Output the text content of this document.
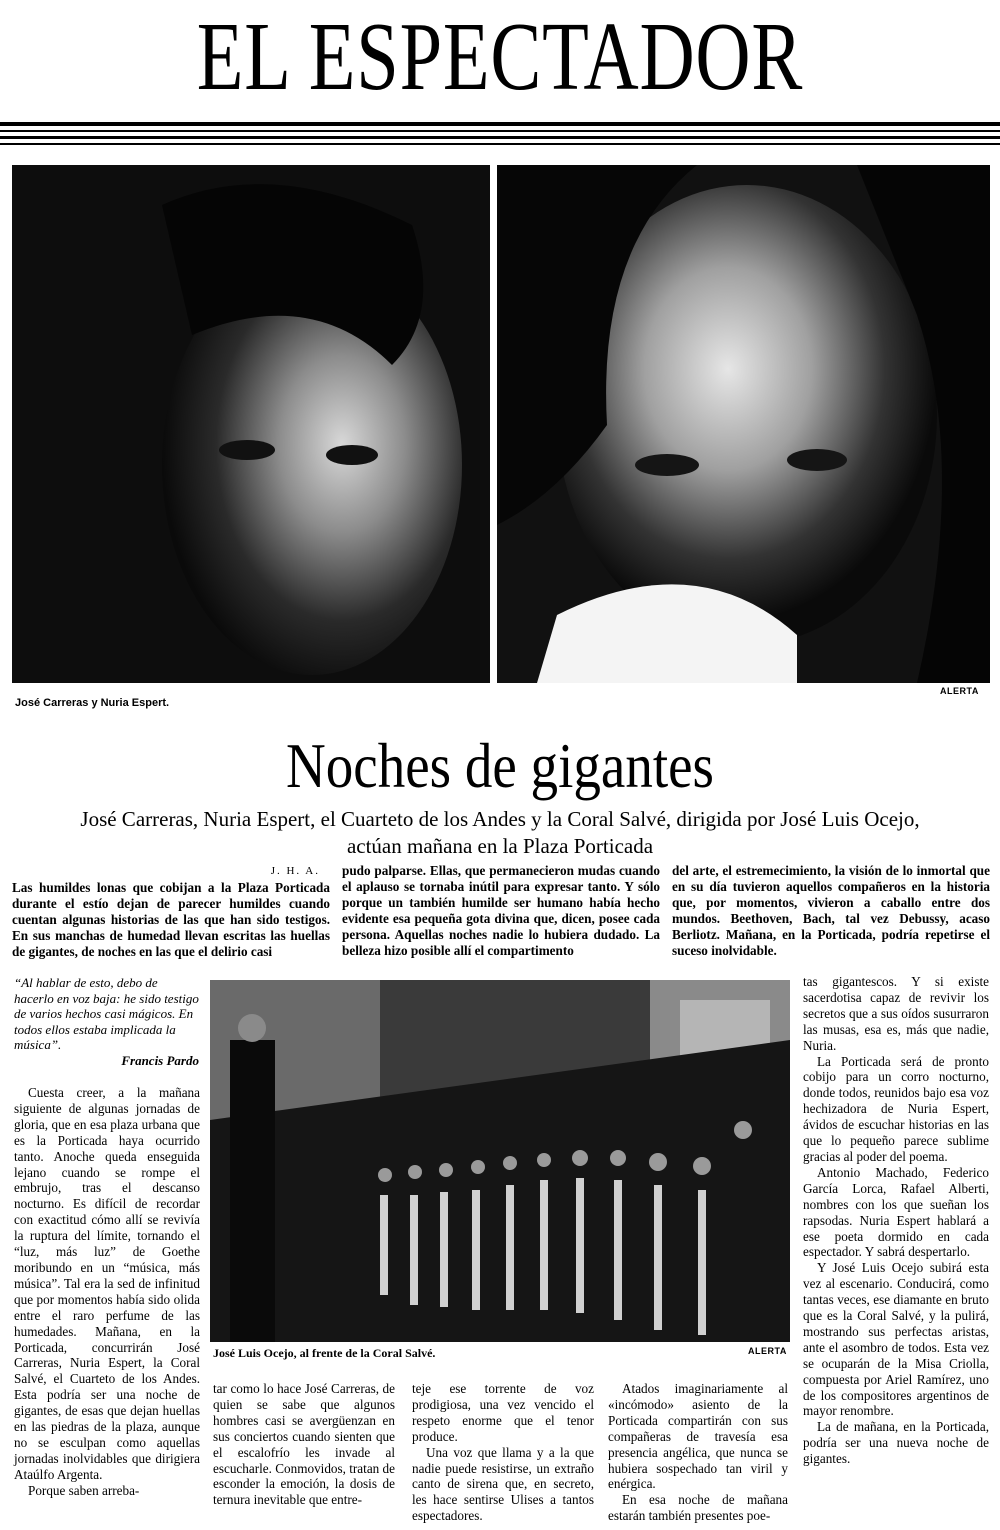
EL ESPECTADOR
José Carreras y Nuria Espert.
ALERTA
Noches de gigantes
José Carreras, Nuria Espert, el Cuarteto de los Andes y la Coral Salvé, dirigida por José Luis Ocejo, actúan mañana en la Plaza Porticada
J. H. A.
Las humildes lonas que cobijan a la Plaza Porticada durante el estío dejan de parecer humildes cuando cuentan algunas historias de las que han sido testigos. En sus manchas de humedad llevan escritas las huellas de gigantes, de noches en las que el delirio casi
pudo palparse. Ellas, que permanecieron mudas cuando el aplauso se tornaba inútil para expresar tanto. Y sólo porque un también humilde ser humano había hecho evidente esa pequeña gota divina que, dicen, posee cada persona. Aquellas noches nadie lo hubiera dudado. La belleza hizo posible allí el compartimento
del arte, el estremecimiento, la visión de lo inmortal que en su día tuvieron aquellos compañeros en la historia que, por momentos, vivieron a caballo entre dos mundos. Beethoven, Bach, tal vez Debussy, acaso Berliotz. Mañana, en la Porticada, podría repetirse el suceso inolvidable.
“Al hablar de esto, debo de hacerlo en voz baja: he sido testigo de varios hechos casi mágicos. En todos ellos estaba implicada la música”.
Francis Pardo
José Luis Ocejo, al frente de la Coral Salvé.	ALERTA

Cuesta creer, a la mañana siguiente de algunas jornadas de gloria, que en esa plaza urbana que es la Porticada haya ocurrido tanto. Anoche queda enseguida lejano cuando se rompe el embrujo, tras el descanso nocturno. Es difícil de recordar con exactitud cómo allí se revivía la ruptura del límite, tornando el “luz, más luz” de Goethe moribundo en un “música, más música”. Tal era la sed de infinitud que por momentos había sido olida entre el raro perfume de las humedades. Mañana, en la Porticada, concurrirán José Carreras, Nuria Espert, la Coral Salvé, el Cuarteto de los Andes. Esta podría ser una noche de gigantes, de esas que dejan huellas en las piedras de la plaza, aunque no se esculpan como aquellas jornadas inolvidables que dirigiera Ataúlfo Argenta.

Porque saben arreba-

tar como lo hace José Carreras, de quien se sabe que algunos hombres casi se avergüenzan en sus conciertos cuando sienten que el escalofrío les invade al escucharle. Conmovidos, tratan de esconder la emoción, la dosis de ternura inevitable que entre-

teje ese torrente de voz prodigiosa, una vez vencido el respeto enorme que el tenor produce.

Una voz que llama y a la que nadie puede resistirse, un extraño canto de sirena que, en secreto, les hace sentirse Ulises a tantos espectadores.

Atados imaginariamente al «incómodo» asiento de la Porticada compartirán con sus compañeras de travesía esa presencia angélica, que nunca se hubiera sospechado tan viril y enérgica.

En esa noche de mañana estarán también presentes poe-

tas gigantescos. Y si existe sacerdotisa capaz de revivir los secretos que a sus oídos susurraron las musas, esa es, más que nadie, Nuria.

La Porticada será de pronto cobijo para un corro nocturno, donde todos, reunidos bajo esa voz hechizadora de Nuria Espert, ávidos de escuchar historias en las que lo pequeño parece sublime gracias al poder del poema.

Antonio Machado, Federico García Lorca, Rafael Alberti, nombres con los que sueñan los rapsodas. Nuria Espert hablará a ese poeta dormido en cada espectador. Y sabrá despertarlo.

Y José Luis Ocejo subirá esta vez al escenario. Conducirá, como tantas veces, ese diamante en bruto que es la Coral Salvé, y la pulirá, mostrando sus perfectas aristas, ante el asombro de todos. Esta vez se ocuparán de la Misa Criolla, compuesta por Ariel Ramírez, uno de los compositores argentinos de mayor renombre.

La de mañana, en la Porticada, podría ser una nueva noche de gigantes.
